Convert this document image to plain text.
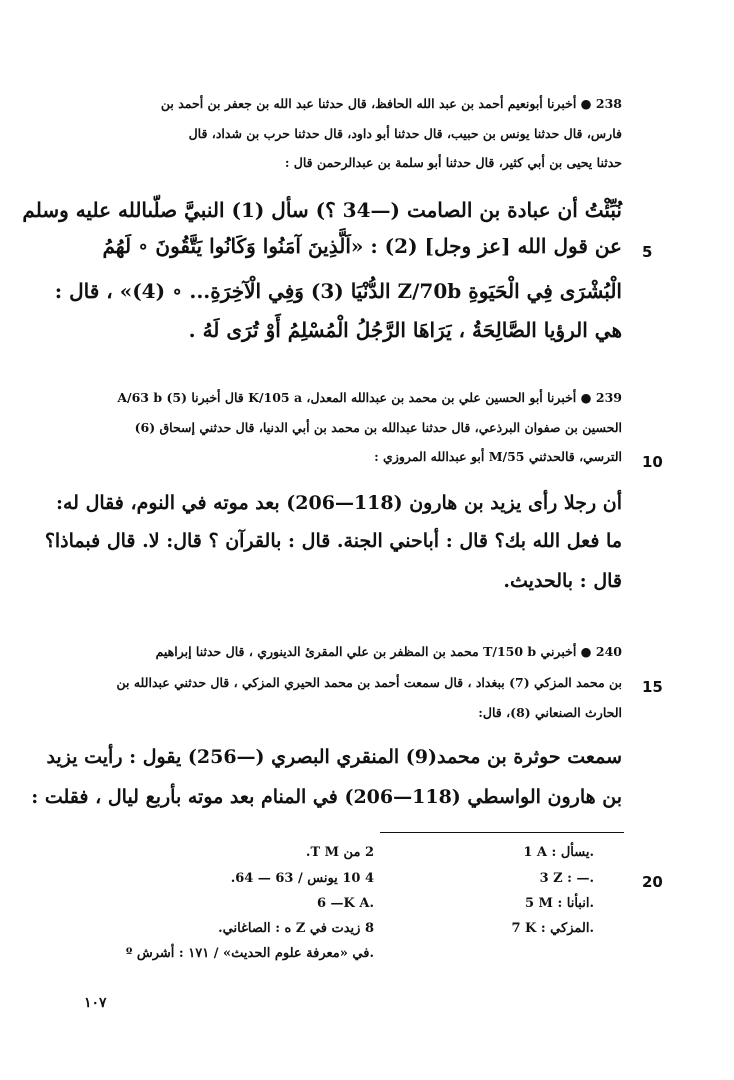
238 ● أخبرنا أبونعيم أحمد بن عبد الله الحافظ، قال حدثنا عبد الله بن جعفر بن أحمد بن
فارس، قال حدثنا يونس بن حبيب، قال حدثنا أبو داود، قال حدثنا حرب بن شداد، قال
حدثنا يحيى بن أبي كثير، قال حدثنا أبو سلمة بن عبدالرحمن قال :
نُبِّئْتُ أن عبادة بن الصامت (—34 ؟) سأل (1) النبيَّ صلّىالله عليه وسلم
عن قول الله [عز وجل] (2) : «اَلَّذِينَ آمَنُوا وَكَانُوا يَتَّقُونَ ∘ لَهُمُ 5
الْبُشْرَى فِي الْحَيَوةِ Z/70b الدُّنْيَا (3) وَفِي الْآخِرَةِ... ∘ (4)» ، قال :
هي الرؤيا الصَّالِحَةُ ، يَرَاهَا الرَّجُلُ الْمُسْلِمُ أَوْ تُرَى لَهُ .
239 ● أخبرنا أبو الحسين علي بن محمد بن عبدالله المعدل، K/105 a قال أخبرنا (5) A/63 b
الحسين بن صفوان البرذعي، قال حدثنا عبدالله بن محمد بن أبي الدنيا، قال حدثني إسحاق (6)
الترسي، قالحدثني M/55 أبو عبدالله المروزي : 10
أن رجلا رأى يزيد بن هارون (118—206) بعد موته في النوم، فقال له:
ما فعل الله بك؟ قال : أباحني الجنة. قال : بالقرآن ؟ قال: لا. قال فبماذا؟
قال : بالحديث.
240 ● أخبرني T/150 b محمد بن المظفر بن علي المقرئ الدينوري ، قال حدثنا إبراهيم
بن محمد المزكي (7) ببغداد ، قال سمعت أحمد بن محمد الحيري المزكي ، قال حدثني عبدالله بن 15
الحارث الصنعاني (8)، قال:
سمعت حوثرة بن محمد(9) المنقري البصري (—256) يقول : رأيت يزيد
بن هارون الواسطي (118—206) في المنام بعد موته بأربع ليال ، فقلت :
1 A : يسأل.
3 Z : —.	20
5 M : انبأنا.
7 K : المزكي.
2 من T M.
4 10 يونس / 63 — 64.
6 —K A.
8 زيدت في Z ه : الصاغاني.
º في «معرفة علوم الحديث» / ١٧١ : أشرش.
١٠٧
